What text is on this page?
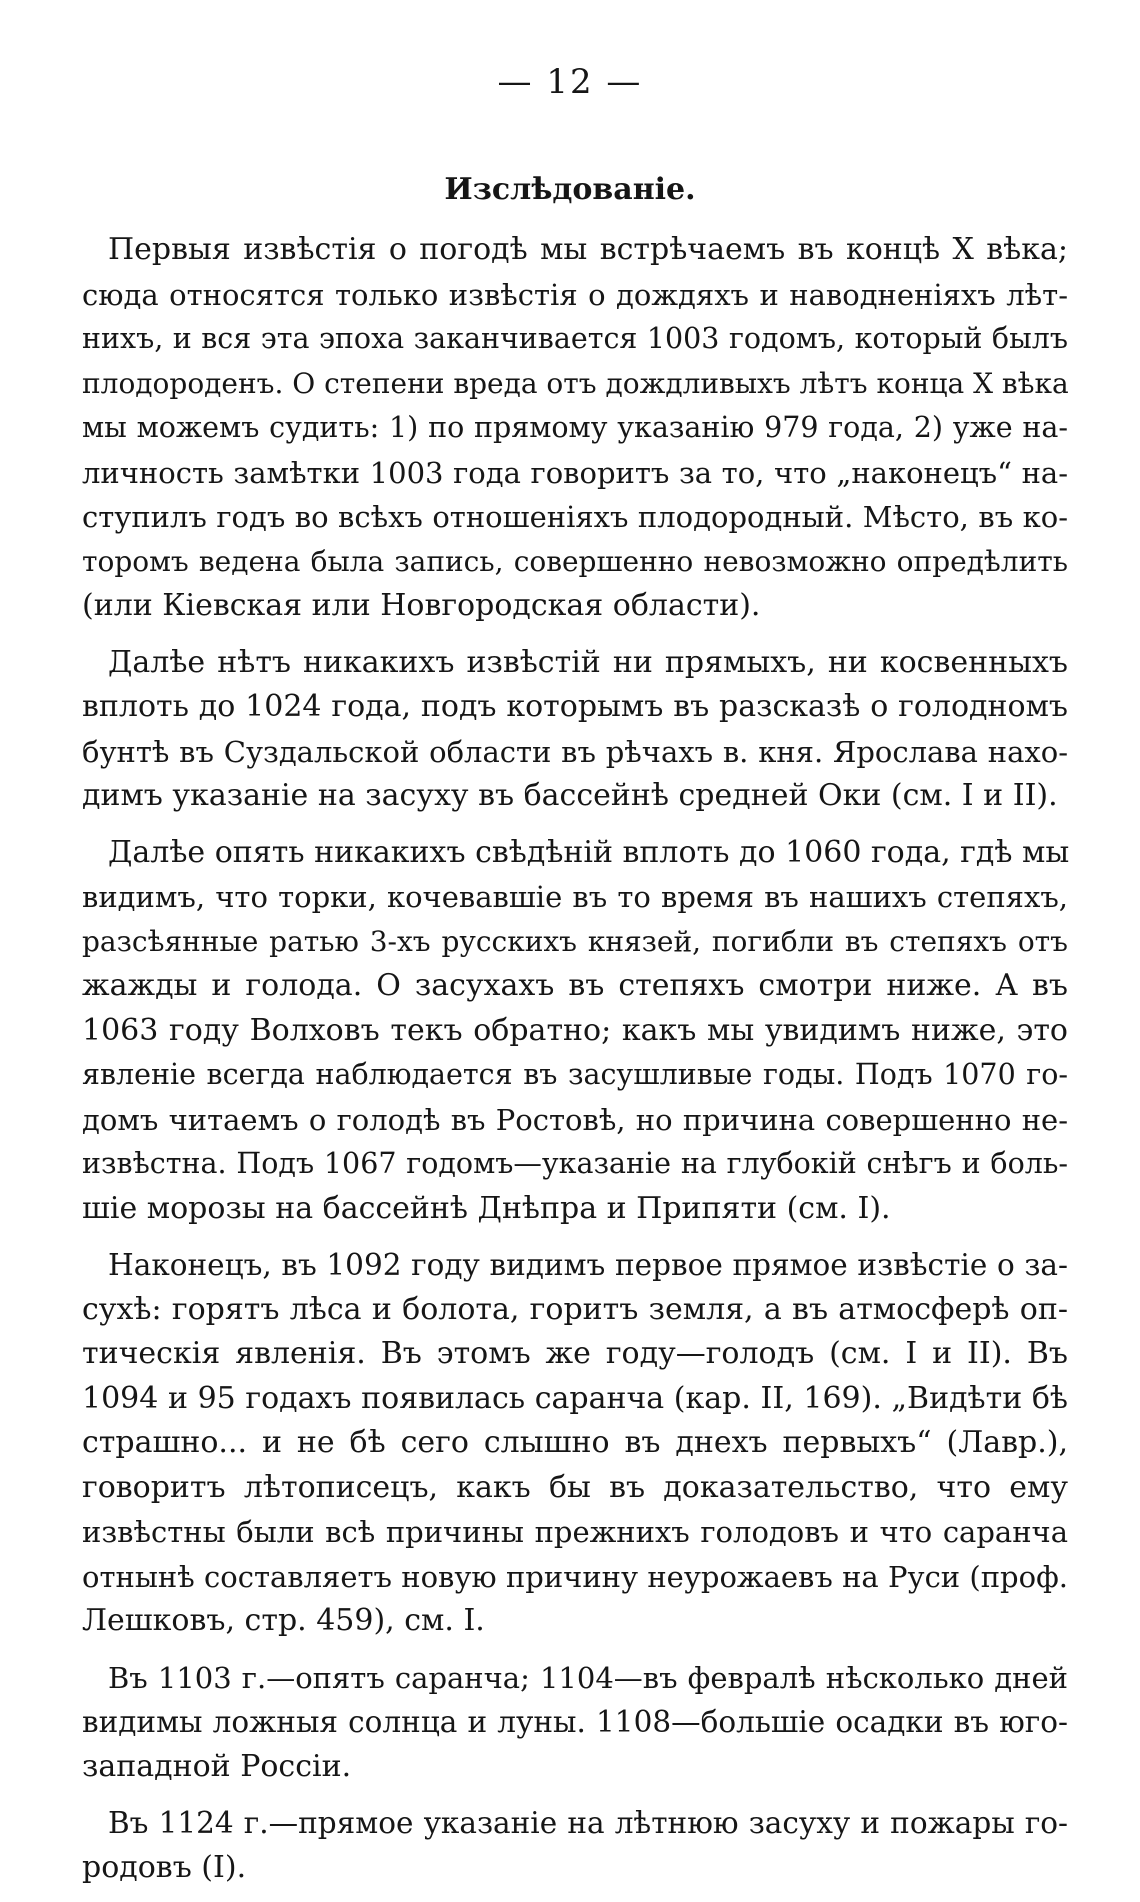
— 12 —
Изслѣдованіе.
Первыя извѣстія о погодѣ мы встрѣчаемъ въ концѣ X вѣка;
сюда относятся только извѣстія о дождяхъ и наводненіяхъ лѣт-
нихъ, и вся эта эпоха заканчивается 1003 годомъ, который былъ
плодороденъ. О степени вреда отъ дождливыхъ лѣтъ конца X вѣка
мы можемъ судить: 1) по прямому указанію 979 года, 2) уже на-
личность замѣтки 1003 года говоритъ за то, что „наконецъ“ на-
ступилъ годъ во всѣхъ отношеніяхъ плодородный. Мѣсто, въ ко-
торомъ ведена была запись, совершенно невозможно опредѣлить
(или Кіевская или Новгородская области).
Далѣе нѣтъ никакихъ извѣстій ни прямыхъ, ни косвенныхъ
вплоть до 1024 года, подъ которымъ въ разсказѣ о голодномъ
бунтѣ въ Суздальской области въ рѣчахъ в. кня. Ярослава нахо-
димъ указаніе на засуху въ бассейнѣ средней Оки (см. I и II).
Далѣе опять никакихъ свѣдѣній вплоть до 1060 года, гдѣ мы
видимъ, что торки, кочевавшіе въ то время въ нашихъ степяхъ,
разсѣянные ратью 3-хъ русскихъ князей, погибли въ степяхъ отъ
жажды и голода. О засухахъ въ степяхъ смотри ниже. А въ
1063 году Волховъ текъ обратно; какъ мы увидимъ ниже, это
явленіе всегда наблюдается въ засушливые годы. Подъ 1070 го-
домъ читаемъ о голодѣ въ Ростовѣ, но причина совершенно не-
извѣстна. Подъ 1067 годомъ—указаніе на глубокій снѣгъ и боль-
шіе морозы на бассейнѣ Днѣпра и Припяти (см. I).
Наконецъ, въ 1092 году видимъ первое прямое извѣстіе о за-
сухѣ: горятъ лѣса и болота, горитъ земля, а въ атмосферѣ оп-
тическія явленія. Въ этомъ же году—голодъ (см. I и II). Въ
1094 и 95 годахъ появилась саранча (кар. II, 169). „Видѣти бѣ
страшно... и не бѣ сего слышно въ днехъ первыхъ“ (Лавр.),
говоритъ лѣтописецъ, какъ бы въ доказательство, что ему
извѣстны были всѣ причины прежнихъ голодовъ и что саранча
отнынѣ составляетъ новую причину неурожаевъ на Руси (проф.
Лешковъ, стр. 459), см. I.
Въ 1103 г.—опятъ саранча; 1104—въ февралѣ нѣсколько дней
видимы ложныя солнца и луны. 1108—большіе осадки въ юго-
западной Россіи.
Въ 1124 г.—прямое указаніе на лѣтнюю засуху и пожары го-
родовъ (I).
